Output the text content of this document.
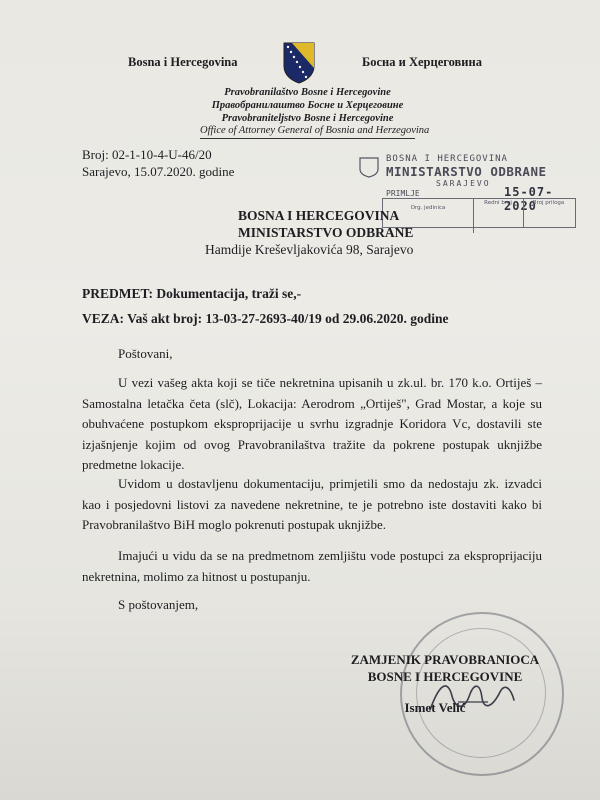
Bosna i Hercegovina	Босна и Херцеговина
Pravobranilaštvo Bosne i Hercegovine
Правобранилаштво Босне и Херцеговине
Pravobraniteljstvo Bosne i Hercegovine
Office of Attorney General of Bosnia and Herzegovina
Broj: 02-1-10-4-U-46/20
Sarajevo, 15.07.2020. godine
BOSNA I HERCEGOVINA
MINISTARSTVO ODBRANE
SARAJEVO
PRIMLJE	15-07-2020
Org. jedinica
Redni broj	Broj priloga
BOSNA I HERCEGOVINA
MINISTARSTVO ODBRANE
Hamdije Kreševljakovića 98, Sarajevo
PREDMET: Dokumentacija, traži se,-
VEZA: Vaš akt broj: 13-03-27-2693-40/19 od 29.06.2020. godine
Poštovani,
U vezi vašeg akta koji se tiče nekretnina upisanih u zk.ul. br. 170 k.o. Ortiješ – Samostalna letačka četa (slč), Lokacija: Aerodrom „Ortiješ", Grad Mostar, a koje su obuhvaćene postupkom eksproprijacije u svrhu izgradnje Koridora Vc, dostavili ste izjašnjenje kojim od ovog Pravobranilaštva tražite da pokrene postupak uknjižbe predmetne lokacije.
Uvidom u dostavljenu dokumentaciju, primjetili smo da nedostaju zk. izvadci kao i posjedovni listovi za navedene nekretnine, te je potrebno iste dostaviti kako bi Pravobranilaštvo BiH moglo pokrenuti postupak uknjižbe.
Imajući u vidu da se na predmetnom zemljištu vode postupci za eksproprijaciju nekretnina, molimo za hitnost u postupanju.
S poštovanjem,
ZAMJENIK PRAVOBRANIOCA
BOSNE I HERCEGOVINE
Ismet Velić
